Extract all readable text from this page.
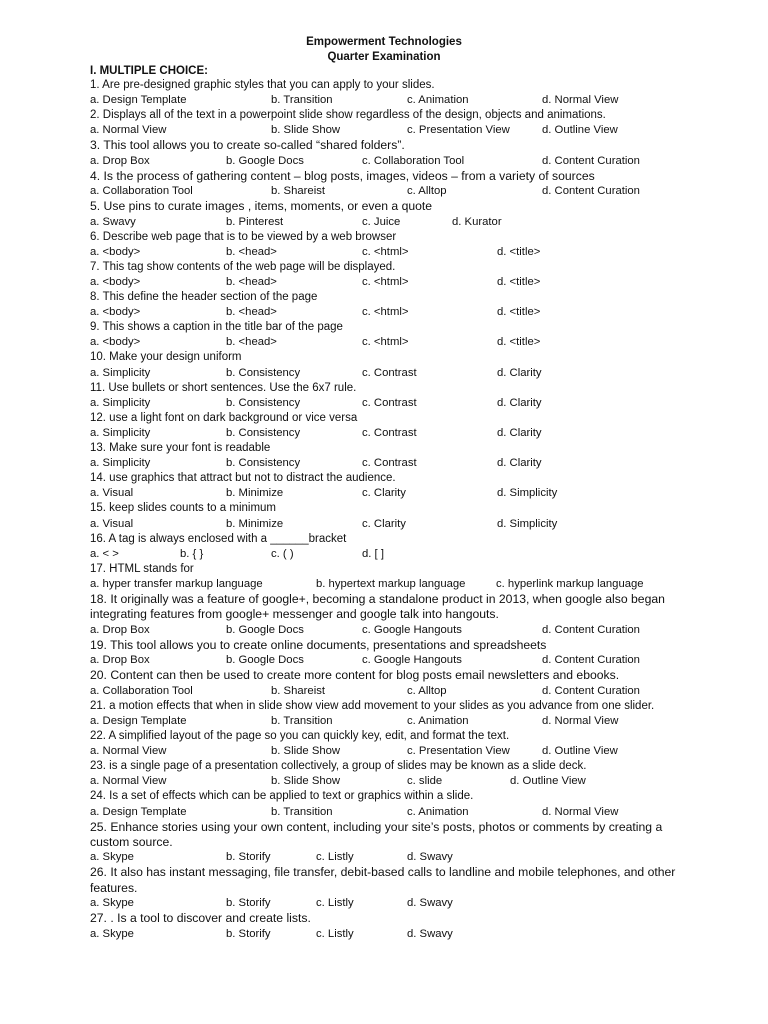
Empowerment Technologies
Quarter Examination
I. MULTIPLE CHOICE:
1. Are pre-designed graphic styles that you can apply to your slides.
a. Design Template	b. Transition	c. Animation	d. Normal View
2. Displays all of the text in a powerpoint slide show regardless of the design, objects and animations.
a. Normal View	b. Slide Show	c. Presentation View	d. Outline View
3. This tool allows you to create so-called “shared folders”.
a. Drop Box	b. Google Docs	c. Collaboration Tool	d. Content Curation
4. Is the process of gathering content – blog posts, images, videos – from a variety of sources
a. Collaboration Tool	b. Shareist	c. Alltop	d. Content Curation
5. Use pins to curate images , items, moments, or even a quote
a. Swavy	b. Pinterest	c. Juice	d. Kurator
6. Describe web page that is to be viewed by a web browser
a. <body>	b. <head>	c. <html>	d. <title>
7. This tag show contents of the web page will be displayed.
a. <body>	b. <head>	c. <html>	d. <title>
8. This define the header section of the page
a. <body>	b. <head>	c. <html>	d. <title>
9. This shows a caption in the title bar of the page
a. <body>	b. <head>	c. <html>	d. <title>
10. Make your design uniform
a. Simplicity	b. Consistency	c. Contrast	d. Clarity
11. Use bullets or short sentences. Use the 6x7 rule.
a. Simplicity	b. Consistency	c. Contrast	d. Clarity
12. use a light font on dark background or vice versa
a. Simplicity	b. Consistency	c. Contrast	d. Clarity
13. Make sure your font is readable
a. Simplicity	b. Consistency	c. Contrast	d. Clarity
14. use graphics that attract but not to distract the audience.
a. Visual	b. Minimize	c. Clarity	d. Simplicity
15. keep slides counts to a minimum
a. Visual	b. Minimize	c. Clarity	d. Simplicity
16. A tag is always enclosed with a ______bracket
a. < >	b. { }	c. ( )	d. [ ]
17. HTML stands for
a. hyper transfer markup language	b. hypertext markup language	c. hyperlink markup language
18. It originally was a feature of google+, becoming a standalone product in 2013, when google also began integrating features from google+ messenger and google talk into hangouts.
a. Drop Box	b. Google Docs	c. Google Hangouts	d. Content Curation
19. This tool allows you to create online documents, presentations and spreadsheets
a. Drop Box	b. Google Docs	c. Google Hangouts	d. Content Curation
20. Content can then be used to create more content for blog posts email newsletters and ebooks.
a. Collaboration Tool	b. Shareist	c. Alltop	d. Content Curation
21. a motion effects that when in slide show view add movement to your slides as you advance from one slider.
a. Design Template	b. Transition	c. Animation	d. Normal View
22. A simplified layout of the page so you can quickly key, edit, and format the text.
a. Normal View	b. Slide Show	c. Presentation View	d. Outline View
23. is a single page of a presentation collectively, a group of slides may be known as a slide deck.
a. Normal View	b. Slide Show	c. slide	d. Outline View
24. Is a set of effects which can be applied to text or graphics within a slide.
a. Design Template	b. Transition	c. Animation	d. Normal View
25. Enhance stories using your own content, including your site’s posts, photos or comments by creating a custom source.
a. Skype	b. Storify	c. Listly	d. Swavy
26. It also has instant messaging, file transfer, debit-based calls to landline and mobile telephones, and other features.
a. Skype	b. Storify	c. Listly	d. Swavy
27. . Is a tool to discover and create lists.
a. Skype	b. Storify	c. Listly	d. Swavy
